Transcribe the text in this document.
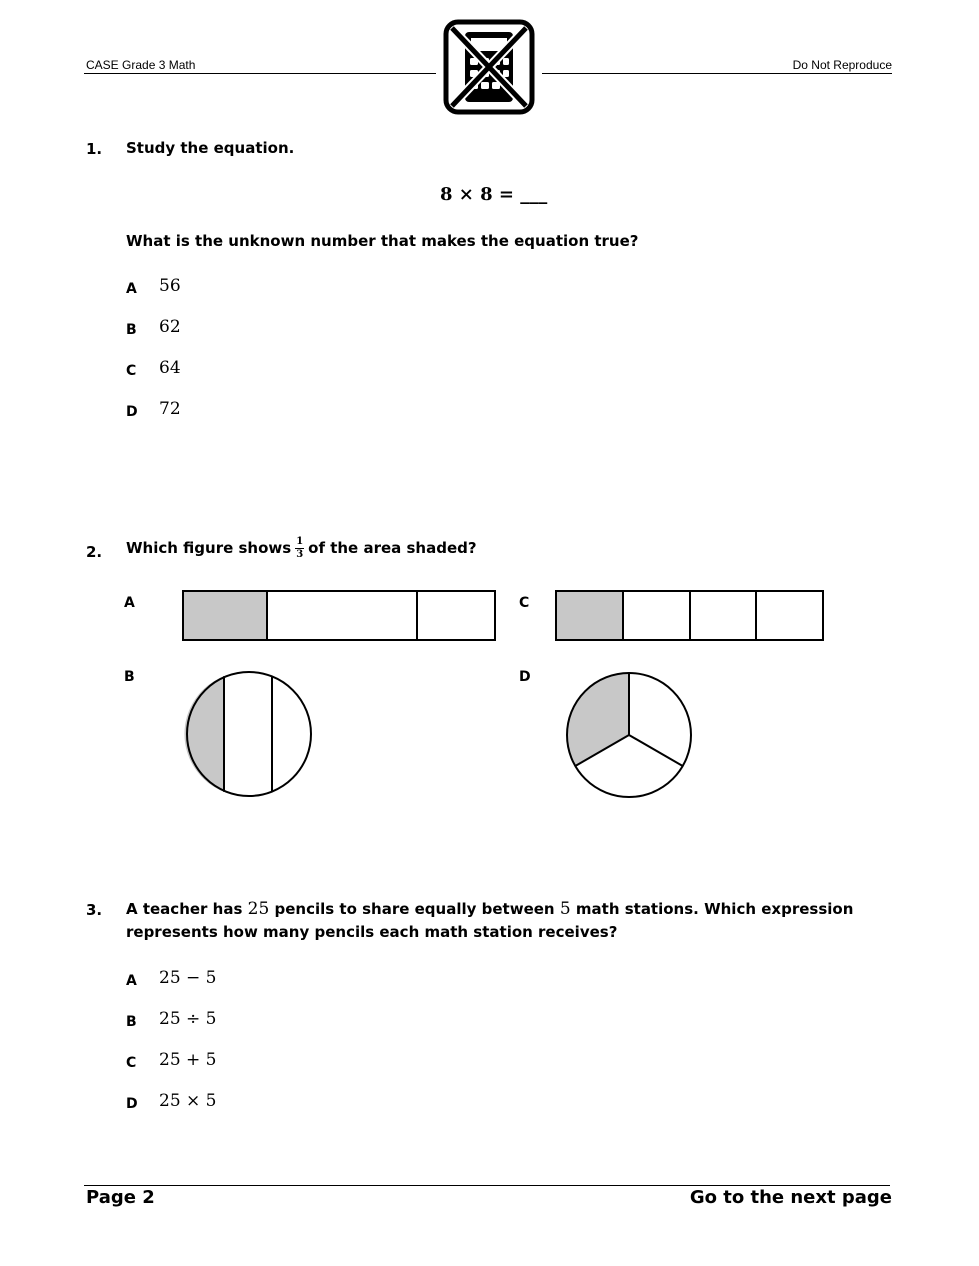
CASE Grade 3 Math	Do Not Reproduce
1. Study the equation.
8 × 8 = ___
What is the unknown number that makes the equation true?
A 56
B 62
C 64
D 72
2. Which figure shows $\frac{1}{3}$ of the area shaded?
A	C
B	D
3. A teacher has 25 pencils to share equally between 5 math stations. Which expression
represents how many pencils each math station receives?
A 25 − 5
B 25 ÷ 5
C 25 + 5
D 25 × 5
Page 2	Go to the next page
